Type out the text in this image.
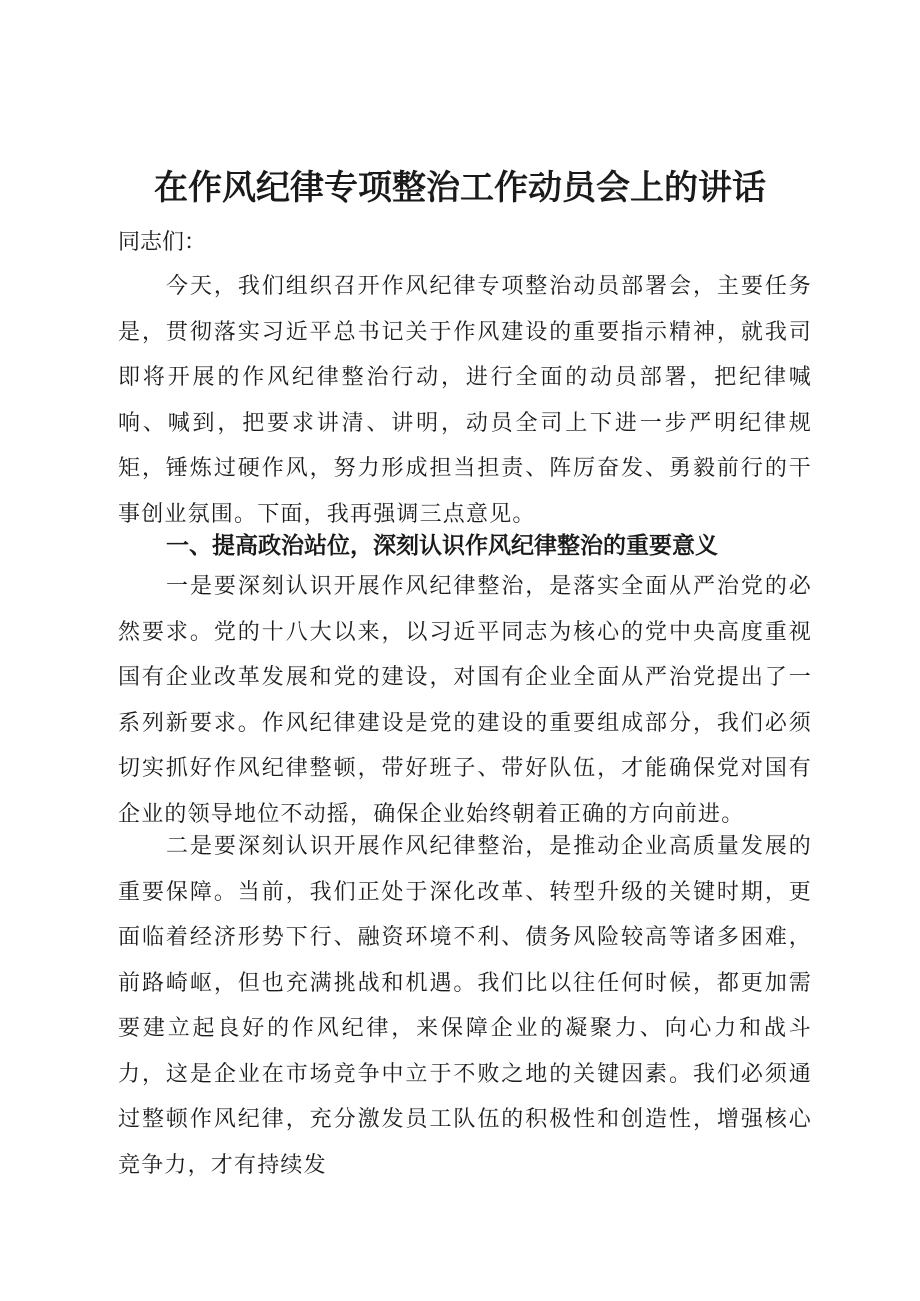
在作风纪律专项整治工作动员会上的讲话

同志们：

今天，我们组织召开作风纪律专项整治动员部署会，主要任务是，贯彻落实习近平总书记关于作风建设的重要指示精神，就我司即将开展的作风纪律整治行动，进行全面的动员部署，把纪律喊响、喊到，把要求讲清、讲明，动员全司上下进一步严明纪律规矩，锤炼过硬作风，努力形成担当担责、阵厉奋发、勇毅前行的干事创业氛围。下面，我再强调三点意见。

一、提高政治站位，深刻认识作风纪律整治的重要意义

一是要深刻认识开展作风纪律整治，是落实全面从严治党的必然要求。党的十八大以来，以习近平同志为核心的党中央高度重视国有企业改革发展和党的建设，对国有企业全面从严治党提出了一系列新要求。作风纪律建设是党的建设的重要组成部分，我们必须切实抓好作风纪律整顿，带好班子、带好队伍，才能确保党对国有企业的领导地位不动摇，确保企业始终朝着正确的方向前进。

二是要深刻认识开展作风纪律整治，是推动企业高质量发展的重要保障。当前，我们正处于深化改革、转型升级的关键时期，更面临着经济形势下行、融资环境不利、债务风险较高等诸多困难，前路崎岖，但也充满挑战和机遇。我们比以往任何时候，都更加需要建立起良好的作风纪律，来保障企业的凝聚力、向心力和战斗力，这是企业在市场竞争中立于不败之地的关键因素。我们必须通过整顿作风纪律，充分激发员工队伍的积极性和创造性，增强核心竞争力，才有持续发
